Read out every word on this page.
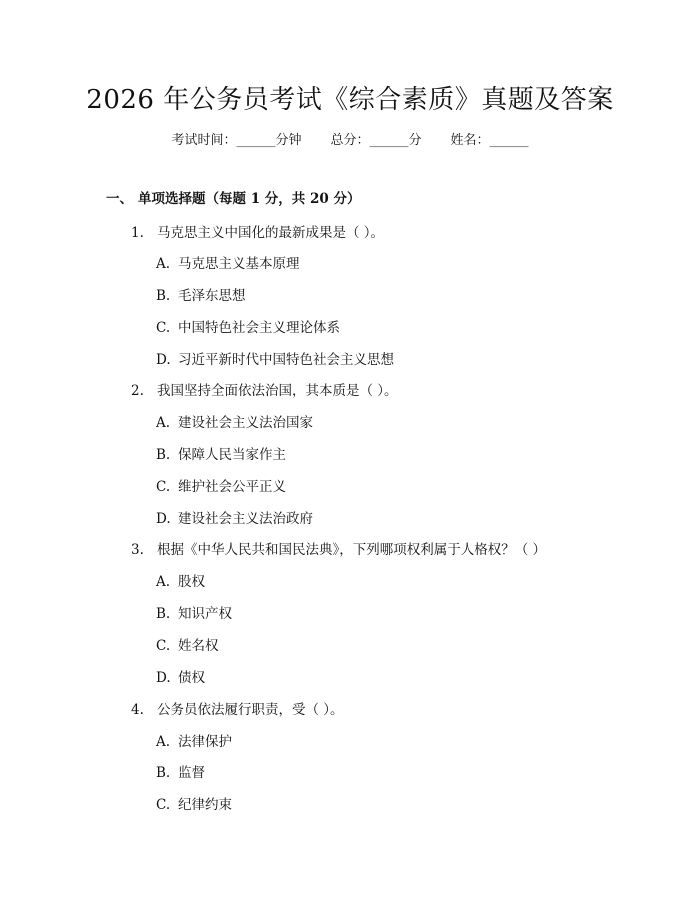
2026 年公务员考试《综合素质》真题及答案
考试时间：______分钟 总分：______分 姓名：______
一、 单项选择题（每题 1 分，共 20 分）
1. 马克思主义中国化的最新成果是（ ）。
A. 马克思主义基本原理
B. 毛泽东思想
C. 中国特色社会主义理论体系
D. 习近平新时代中国特色社会主义思想
2. 我国坚持全面依法治国，其本质是（ ）。
A. 建设社会主义法治国家
B. 保障人民当家作主
C. 维护社会公平正义
D. 建设社会主义法治政府
3. 根据《中华人民共和国民法典》，下列哪项权利属于人格权？（ ）
A. 股权
B. 知识产权
C. 姓名权
D. 债权
4. 公务员依法履行职责，受（ ）。
A. 法律保护
B. 监督
C. 纪律约束
